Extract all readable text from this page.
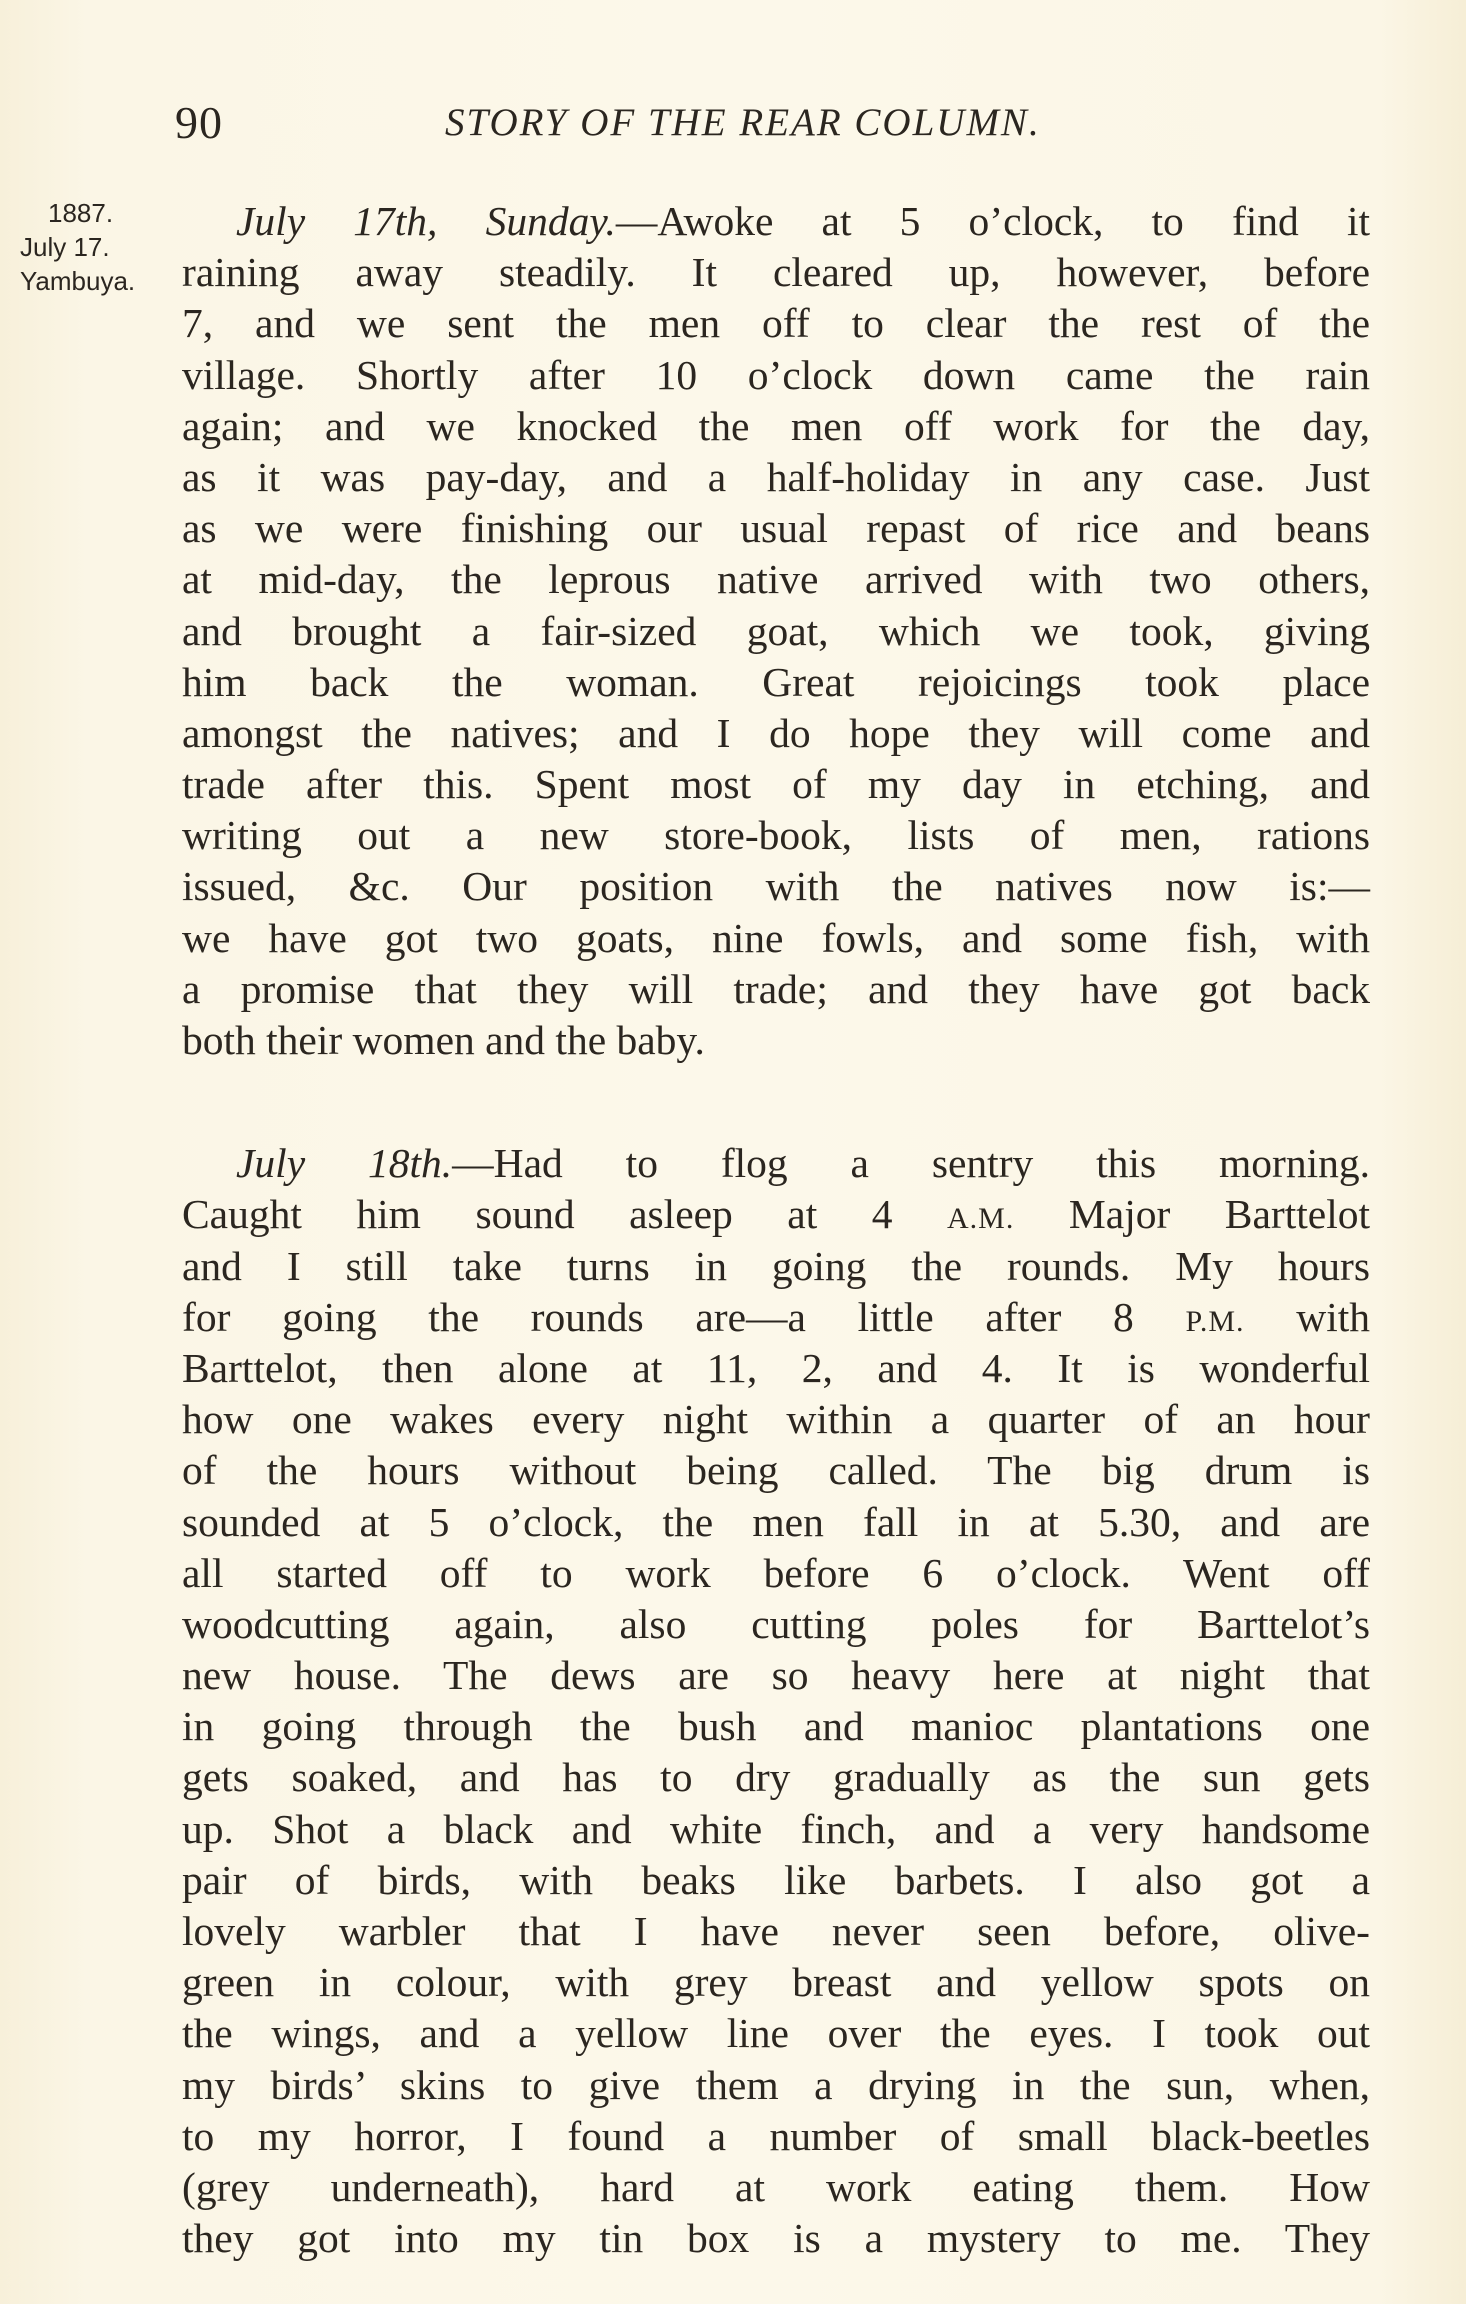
90	STORY OF THE REAR COLUMN.
1887.
July 17.
Yambuya.
July 17th, Sunday.—Awoke at 5 o’clock, to find it
raining away steadily. It cleared up, however, before
7, and we sent the men off to clear the rest of the
village. Shortly after 10 o’clock down came the rain
again; and we knocked the men off work for the day,
as it was pay-day, and a half-holiday in any case. Just
as we were finishing our usual repast of rice and beans
at mid-day, the leprous native arrived with two others,
and brought a fair-sized goat, which we took, giving
him back the woman. Great rejoicings took place
amongst the natives; and I do hope they will come and
trade after this. Spent most of my day in etching, and
writing out a new store-book, lists of men, rations
issued, &c. Our position with the natives now is:—
we have got two goats, nine fowls, and some fish, with
a promise that they will trade; and they have got back
both their women and the baby.
July 18th.—Had to flog a sentry this morning.
Caught him sound asleep at 4 A.M. Major Barttelot
and I still take turns in going the rounds. My hours
for going the rounds are—a little after 8 P.M. with
Barttelot, then alone at 11, 2, and 4. It is wonderful
how one wakes every night within a quarter of an hour
of the hours without being called. The big drum is
sounded at 5 o’clock, the men fall in at 5.30, and are
all started off to work before 6 o’clock. Went off
woodcutting again, also cutting poles for Barttelot’s
new house. The dews are so heavy here at night that
in going through the bush and manioc plantations one
gets soaked, and has to dry gradually as the sun gets
up. Shot a black and white finch, and a very handsome
pair of birds, with beaks like barbets. I also got a
lovely warbler that I have never seen before, olive-
green in colour, with grey breast and yellow spots on
the wings, and a yellow line over the eyes. I took out
my birds’ skins to give them a drying in the sun, when,
to my horror, I found a number of small black-beetles
(grey underneath), hard at work eating them. How
they got into my tin box is a mystery to me. They
